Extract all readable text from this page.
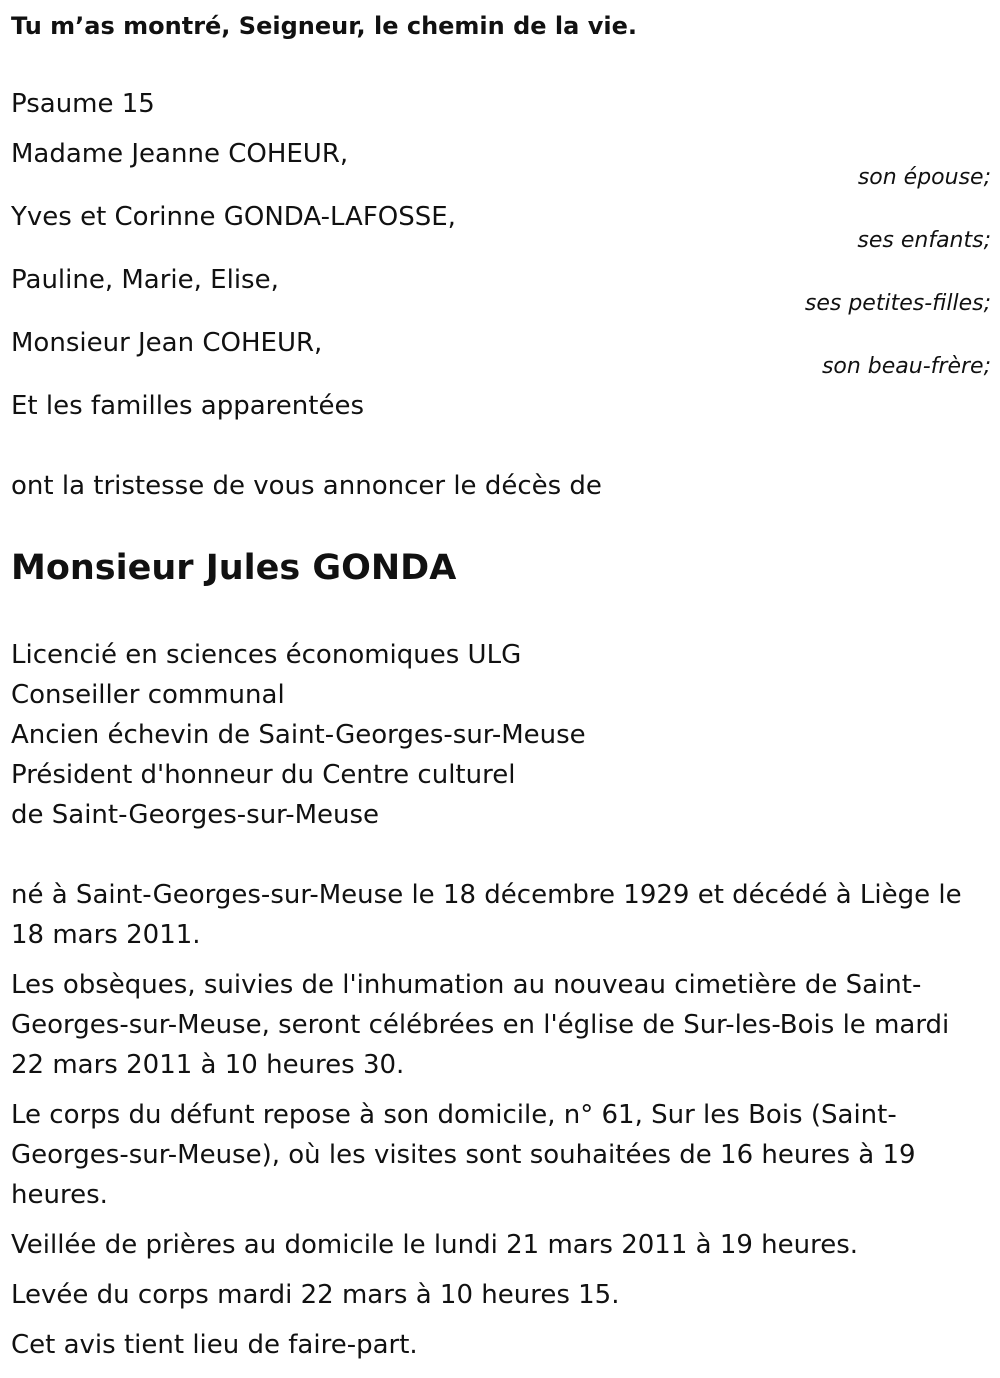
Tu m’as montré, Seigneur, le chemin de la vie.
Psaume 15
Madame Jeanne COHEUR,
son épouse;
Yves et Corinne GONDA-LAFOSSE,
ses enfants;
Pauline, Marie, Elise,
ses petites-filles;
Monsieur Jean COHEUR,
son beau-frère;
Et les familles apparentées
ont la tristesse de vous annoncer le décès de
Monsieur Jules GONDA
Licencié en sciences économiques ULG
Conseiller communal
Ancien échevin de Saint-Georges-sur-Meuse
Président d'honneur du Centre culturel
de Saint-Georges-sur-Meuse
né à Saint-Georges-sur-Meuse le 18 décembre 1929 et décédé à Liège le 18 mars 2011.
Les obsèques, suivies de l'inhumation au nouveau cimetière de Saint-Georges-sur-Meuse, seront célébrées en l'église de Sur-les-Bois le mardi 22 mars 2011 à 10 heures 30.
Le corps du défunt repose à son domicile, n° 61, Sur les Bois (Saint-Georges-sur-Meuse), où les visites sont souhaitées de 16 heures à 19 heures.
Veillée de prières au domicile le lundi 21 mars 2011 à 19 heures.
Levée du corps mardi 22 mars à 10 heures 15.
Cet avis tient lieu de faire-part.
